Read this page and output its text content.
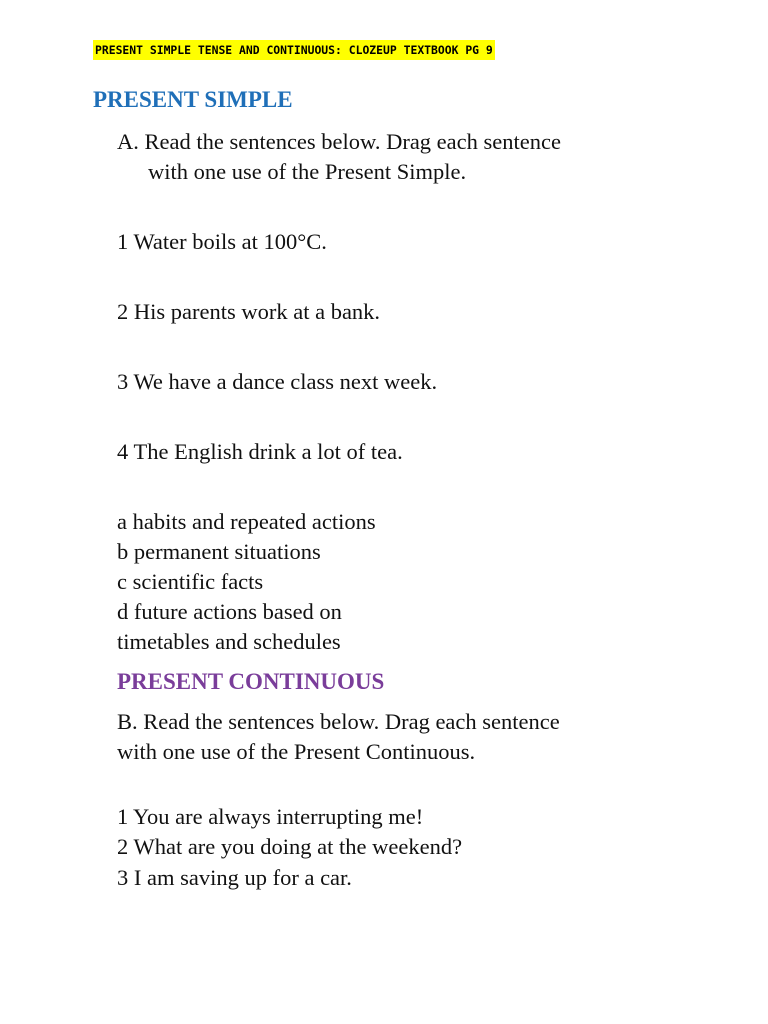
PRESENT SIMPLE TENSE AND CONTINUOUS: CLOZEUP TEXTBOOK PG 9
PRESENT SIMPLE
A. Read the sentences below. Drag each sentence
with one use of the Present Simple.
1 Water boils at 100°C.
2 His parents work at a bank.
3 We have a dance class next week.
4 The English drink a lot of tea.
a habits and repeated actions
b permanent situations
c scientific facts
d future actions based on
timetables and schedules
PRESENT CONTINUOUS
B. Read the sentences below. Drag each sentence
with one use of the Present Continuous.
1 You are always interrupting me!
2 What are you doing at the weekend?
3 I am saving up for a car.
